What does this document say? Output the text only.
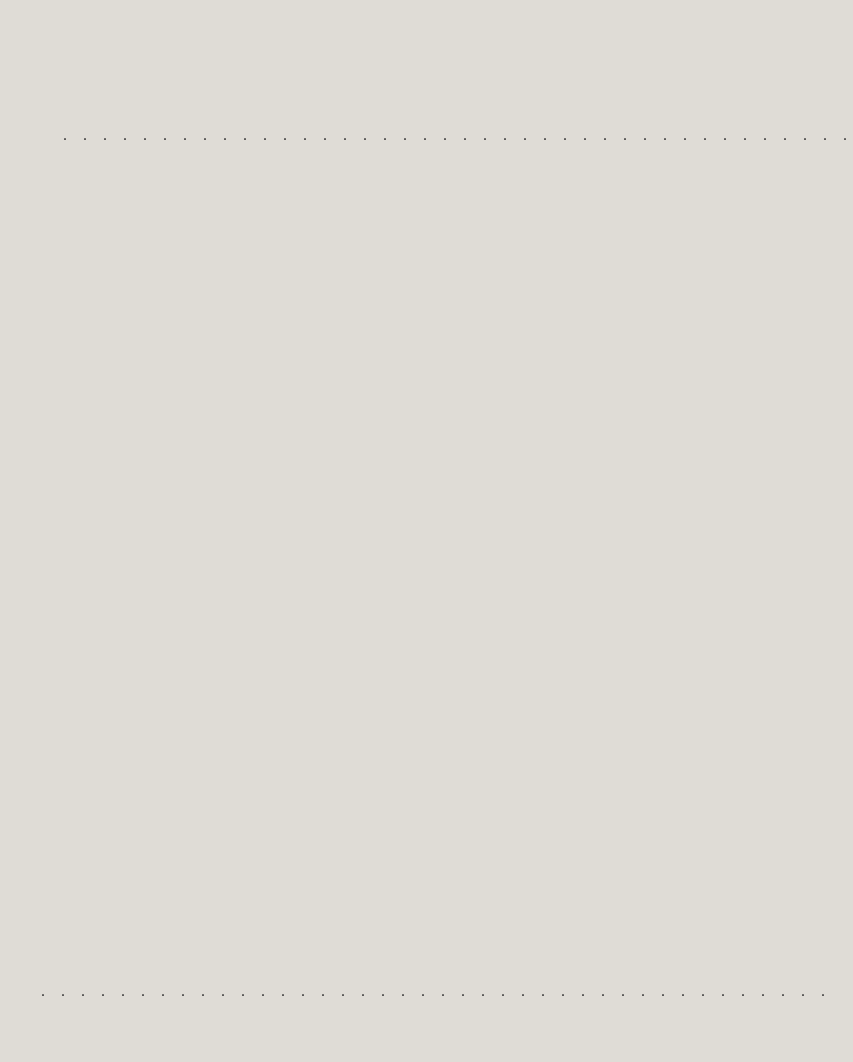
. . . . . . . . . . . . . . . . . . . . . . . . . . . . . . . . . . . . . . . .
. . . . . . . . . . . . . . . . . . . . . . . . . . . . . . . . . . . . . . . .
